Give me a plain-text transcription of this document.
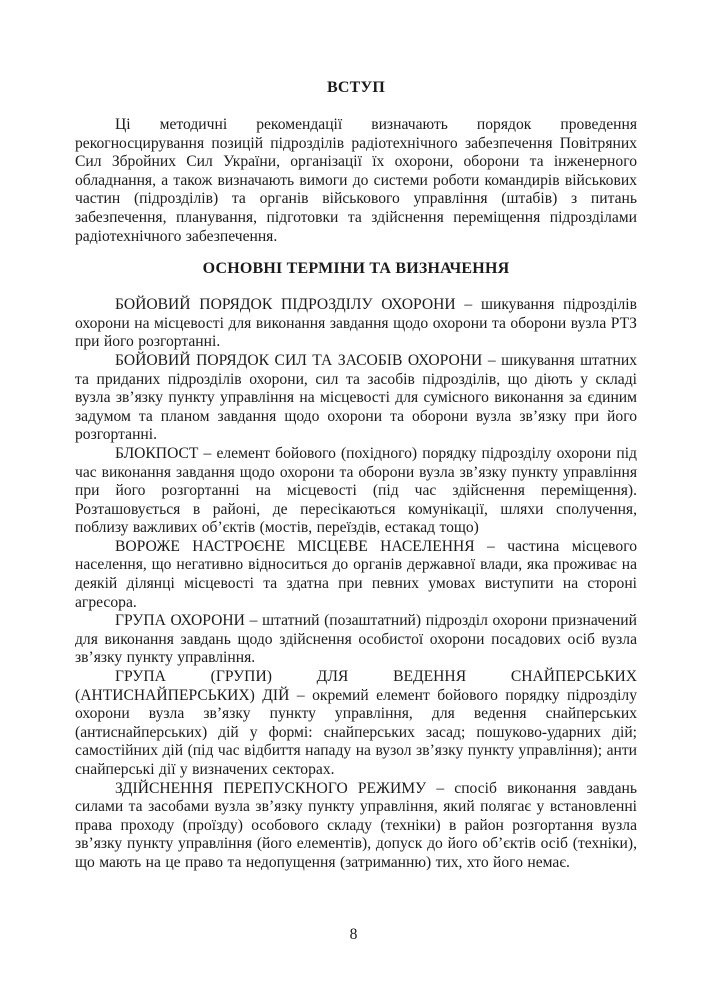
ВСТУП

Ці методичні рекомендації визначають порядок проведення рекогносцирування позицій підрозділів радіотехнічного забезпечення Повітряних Сил Збройних Сил України, організації їх охорони, оборони та інженерного обладнання, а також визначають вимоги до системи роботи командирів військових частин (підрозділів) та органів військового управління (штабів) з питань забезпечення, планування, підготовки та здійснення переміщення підрозділами радіотехнічного забезпечення.

ОСНОВНІ ТЕРМІНИ ТА ВИЗНАЧЕННЯ

БОЙОВИЙ ПОРЯДОК ПІДРОЗДІЛУ ОХОРОНИ – шикування підрозділів охорони на місцевості для виконання завдання щодо охорони та оборони вузла РТЗ при його розгортанні.

БОЙОВИЙ ПОРЯДОК СИЛ ТА ЗАСОБІВ ОХОРОНИ – шикування штатних та приданих підрозділів охорони, сил та засобів підрозділів, що діють у складі вузла зв’язку пункту управління на місцевості для сумісного виконання за єдиним задумом та планом завдання щодо охорони та оборони вузла зв’язку при його розгортанні.

БЛОКПОСТ – елемент бойового (похідного) порядку підрозділу охорони під час виконання завдання щодо охорони та оборони вузла зв’язку пункту управління при його розгортанні на місцевості (під час здійснення переміщення). Розташовується в районі, де пересікаються комунікації, шляхи сполучення, поблизу важливих об’єктів (мостів, переїздів, естакад тощо)

ВОРОЖЕ НАСТРОЄНЕ МІСЦЕВЕ НАСЕЛЕННЯ – частина місцевого населення, що негативно відноситься до органів державної влади, яка проживає на деякій ділянці місцевості та здатна при певних умовах виступити на стороні агресора.

ГРУПА ОХОРОНИ – штатний (позаштатний) підрозділ охорони призначений для виконання завдань щодо здійснення особистої охорони посадових осіб вузла зв’язку пункту управління.

ГРУПА (ГРУПИ) ДЛЯ ВЕДЕННЯ СНАЙПЕРСЬКИХ (АНТИСНАЙПЕРСЬКИХ) ДІЙ – окремий елемент бойового порядку підрозділу охорони вузла зв’язку пункту управління, для ведення снайперських (антиснайперських) дій у формі: снайперських засад; пошуково-ударних дій; самостійних дій (під час відбиття нападу на вузол зв’язку пункту управління); анти снайперські дії у визначених секторах.

ЗДІЙСНЕННЯ ПЕРЕПУСКНОГО РЕЖИМУ – спосіб виконання завдань силами та засобами вузла зв’язку пункту управління, який полягає у встановленні права проходу (проїзду) особового складу (техніки) в район розгортання вузла зв’язку пункту управління (його елементів), допуск до його об’єктів осіб (техніки), що мають на це право та недопущення (затриманню) тих, хто його немає.

8
